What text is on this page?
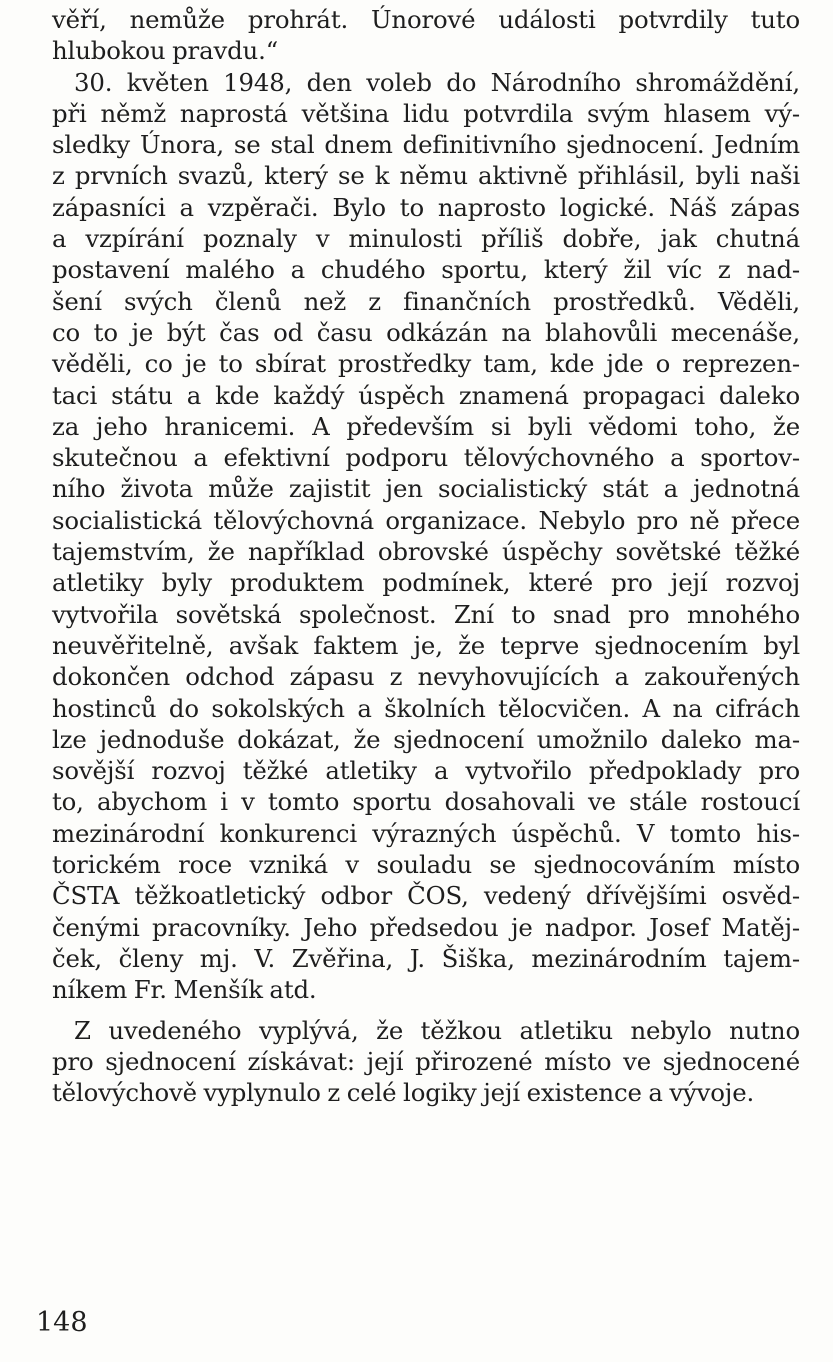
věří, nemůže prohrát. Únorové události potvrdily tuto
hlubokou pravdu.“
30. květen 1948, den voleb do Národního shromáždění,
při němž naprostá většina lidu potvrdila svým hlasem vý-
sledky Února, se stal dnem definitivního sjednocení. Jedním
z prvních svazů, který se k němu aktivně přihlásil, byli naši
zápasníci a vzpěrači. Bylo to naprosto logické. Náš zápas
a vzpírání poznaly v minulosti příliš dobře, jak chutná
postavení malého a chudého sportu, který žil víc z nad-
šení svých členů než z finančních prostředků. Věděli,
co to je být čas od času odkázán na blahovůli mecenáše,
věděli, co je to sbírat prostředky tam, kde jde o reprezen-
taci státu a kde každý úspěch znamená propagaci daleko
za jeho hranicemi. A především si byli vědomi toho, že
skutečnou a efektivní podporu tělovýchovného a sportov-
ního života může zajistit jen socialistický stát a jednotná
socialistická tělovýchovná organizace. Nebylo pro ně přece
tajemstvím, že například obrovské úspěchy sovětské těžké
atletiky byly produktem podmínek, které pro její rozvoj
vytvořila sovětská společnost. Zní to snad pro mnohého
neuvěřitelně, avšak faktem je, že teprve sjednocením byl
dokončen odchod zápasu z nevyhovujících a zakouřených
hostinců do sokolských a školních tělocvičen. A na cifrách
lze jednoduše dokázat, že sjednocení umožnilo daleko ma-
sovější rozvoj těžké atletiky a vytvořilo předpoklady pro
to, abychom i v tomto sportu dosahovali ve stále rostoucí
mezinárodní konkurenci výrazných úspěchů. V tomto his-
torickém roce vzniká v souladu se sjednocováním místo
ČSTA těžkoatletický odbor ČOS, vedený dřívějšími osvěd-
čenými pracovníky. Jeho předsedou je nadpor. Josef Matěj-
ček, členy mj. V. Zvěřina, J. Šiška, mezinárodním tajem-
níkem Fr. Menšík atd.
Z uvedeného vyplývá, že těžkou atletiku nebylo nutno
pro sjednocení získávat: její přirozené místo ve sjednocené
tělovýchově vyplynulo z celé logiky její existence a vývoje.
148
